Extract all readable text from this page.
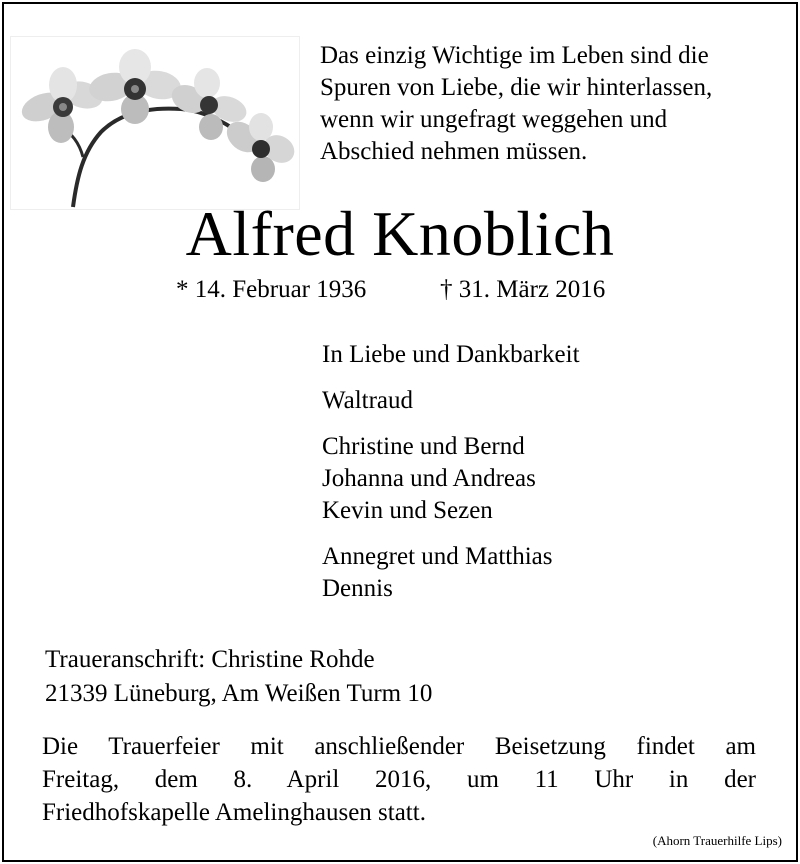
Das einzig Wichtige im Leben sind die
Spuren von Liebe, die wir hinterlassen,
wenn wir ungefragt weggehen und
Abschied nehmen müssen.
Alfred Knoblich
* 14. Februar 1936	† 31. März 2016
In Liebe und Dankbarkeit
Waltraud
Christine und Bernd
Johanna und Andreas
Kevin und Sezen
Annegret und Matthias
Dennis
Traueranschrift: Christine Rohde
21339 Lüneburg, Am Weißen Turm 10
Die Trauerfeier mit anschließender Beisetzung findet am
Freitag, dem 8. April 2016, um 11 Uhr in der
Friedhofskapelle Amelinghausen statt.
(Ahorn Trauerhilfe Lips)
